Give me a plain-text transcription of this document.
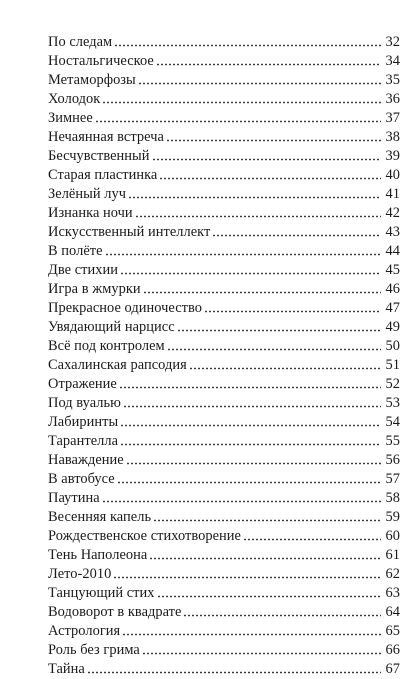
По следам	32
Ностальгическое	34
Метаморфозы	35
Холодок	36
Зимнее	37
Нечаянная встреча	38
Бесчувственный	39
Старая пластинка	40
Зелёный луч	41
Изнанка ночи	42
Искусственный интеллект	43
В полёте	44
Две стихии	45
Игра в жмурки	46
Прекрасное одиночество	47
Увядающий нарцисс	49
Всё под контролем	50
Сахалинская рапсодия	51
Отражение	52
Под вуалью	53
Лабиринты	54
Тарантелла	55
Наваждение	56
В автобусе	57
Паутина	58
Весенняя капель	59
Рождественское стихотворение	60
Тень Наполеона	61
Лето-2010	62
Танцующий стих	63
Водоворот в квадрате	64
Астрология	65
Роль без грима	66
Тайна	67
